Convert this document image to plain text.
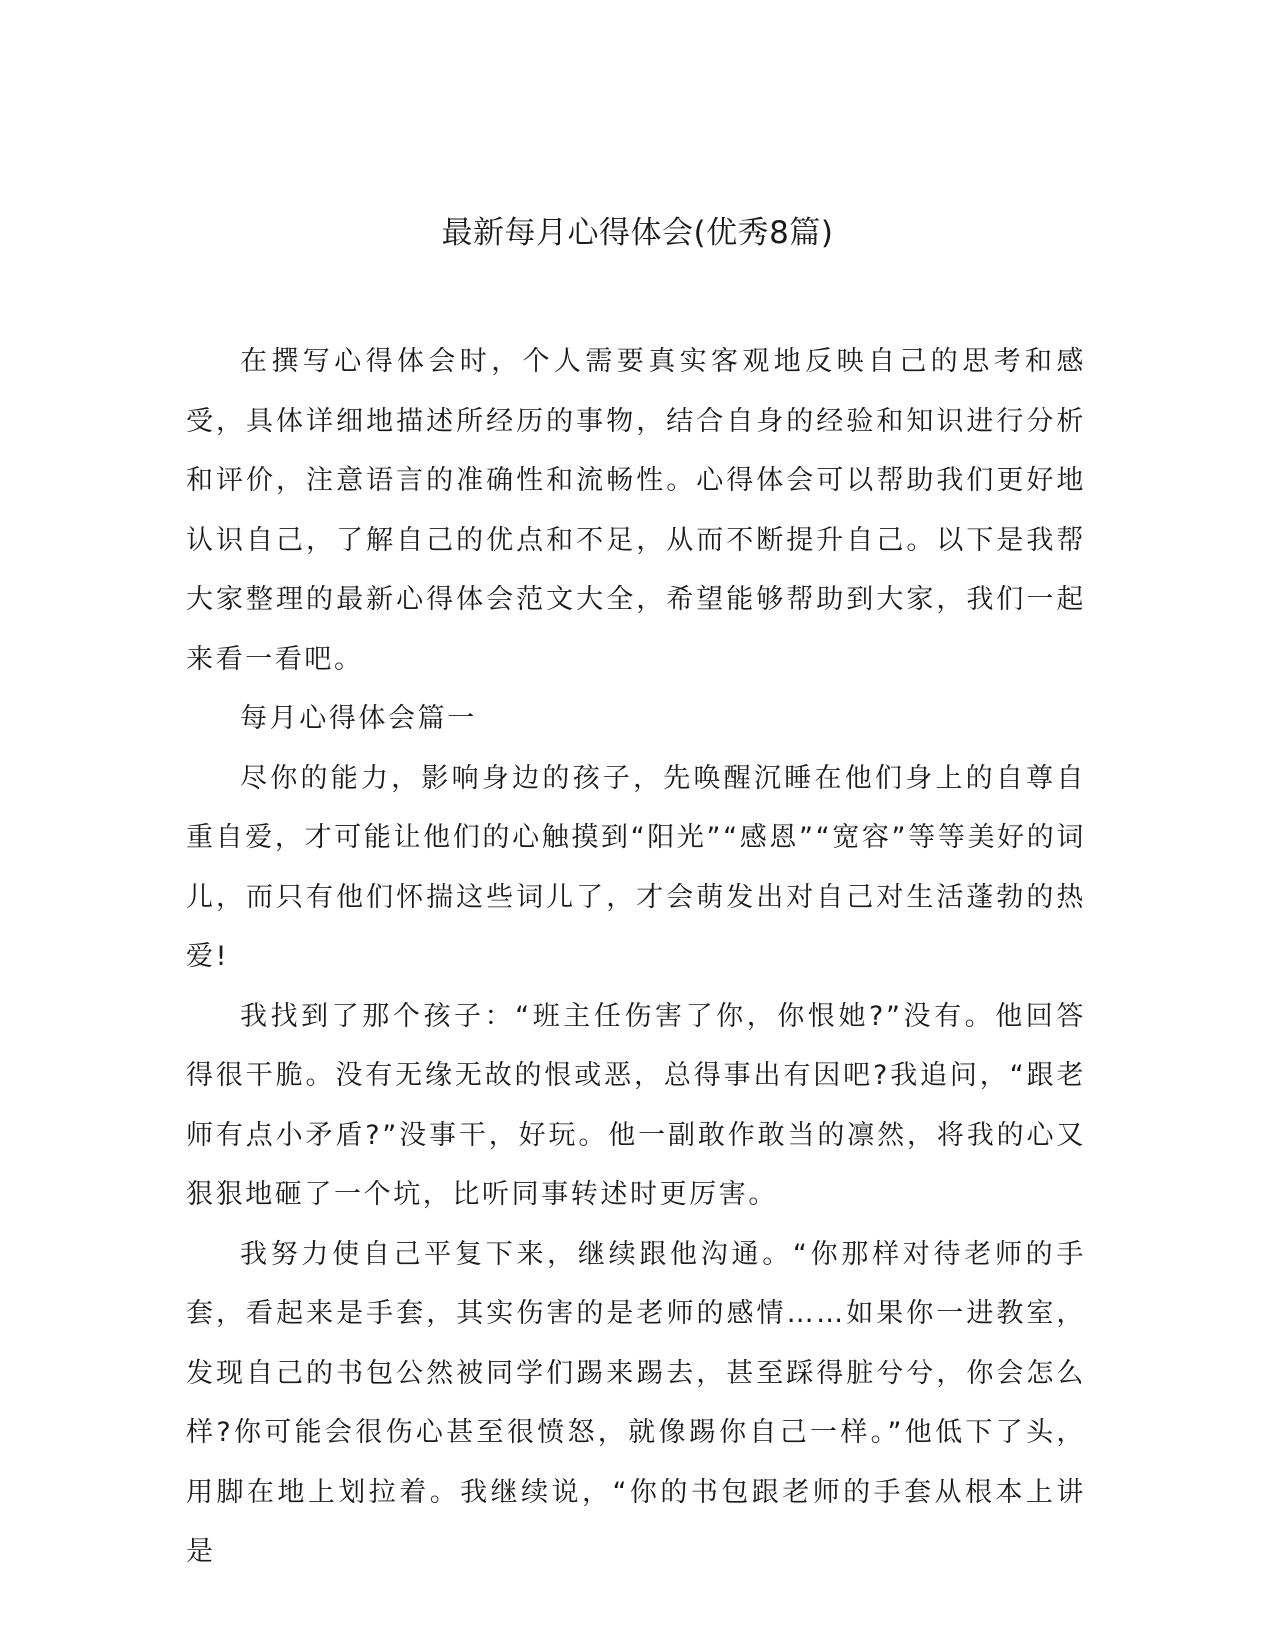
最新每月心得体会(优秀8篇)

在撰写心得体会时，个人需要真实客观地反映自己的思考和感受，具体详细地描述所经历的事物，结合自身的经验和知识进行分析和评价，注意语言的准确性和流畅性。心得体会可以帮助我们更好地认识自己，了解自己的优点和不足，从而不断提升自己。以下是我帮大家整理的最新心得体会范文大全，希望能够帮助到大家，我们一起来看一看吧。

每月心得体会篇一

尽你的能力，影响身边的孩子，先唤醒沉睡在他们身上的自尊自重自爱，才可能让他们的心触摸到“阳光”“感恩”“宽容”等等美好的词儿，而只有他们怀揣这些词儿了，才会萌发出对自己对生活蓬勃的热爱!

我找到了那个孩子：“班主任伤害了你，你恨她?”没有。他回答得很干脆。没有无缘无故的恨或恶，总得事出有因吧?我追问，“跟老师有点小矛盾?”没事干，好玩。他一副敢作敢当的凛然，将我的心又狠狠地砸了一个坑，比听同事转述时更厉害。

我努力使自己平复下来，继续跟他沟通。“你那样对待老师的手套，看起来是手套，其实伤害的是老师的感情……如果你一进教室，发现自己的书包公然被同学们踢来踢去，甚至踩得脏兮兮，你会怎么样?你可能会很伤心甚至很愤怒，就像踢你自己一样。”他低下了头，用脚在地上划拉着。我继续说，“你的书包跟老师的手套从根本上讲是
